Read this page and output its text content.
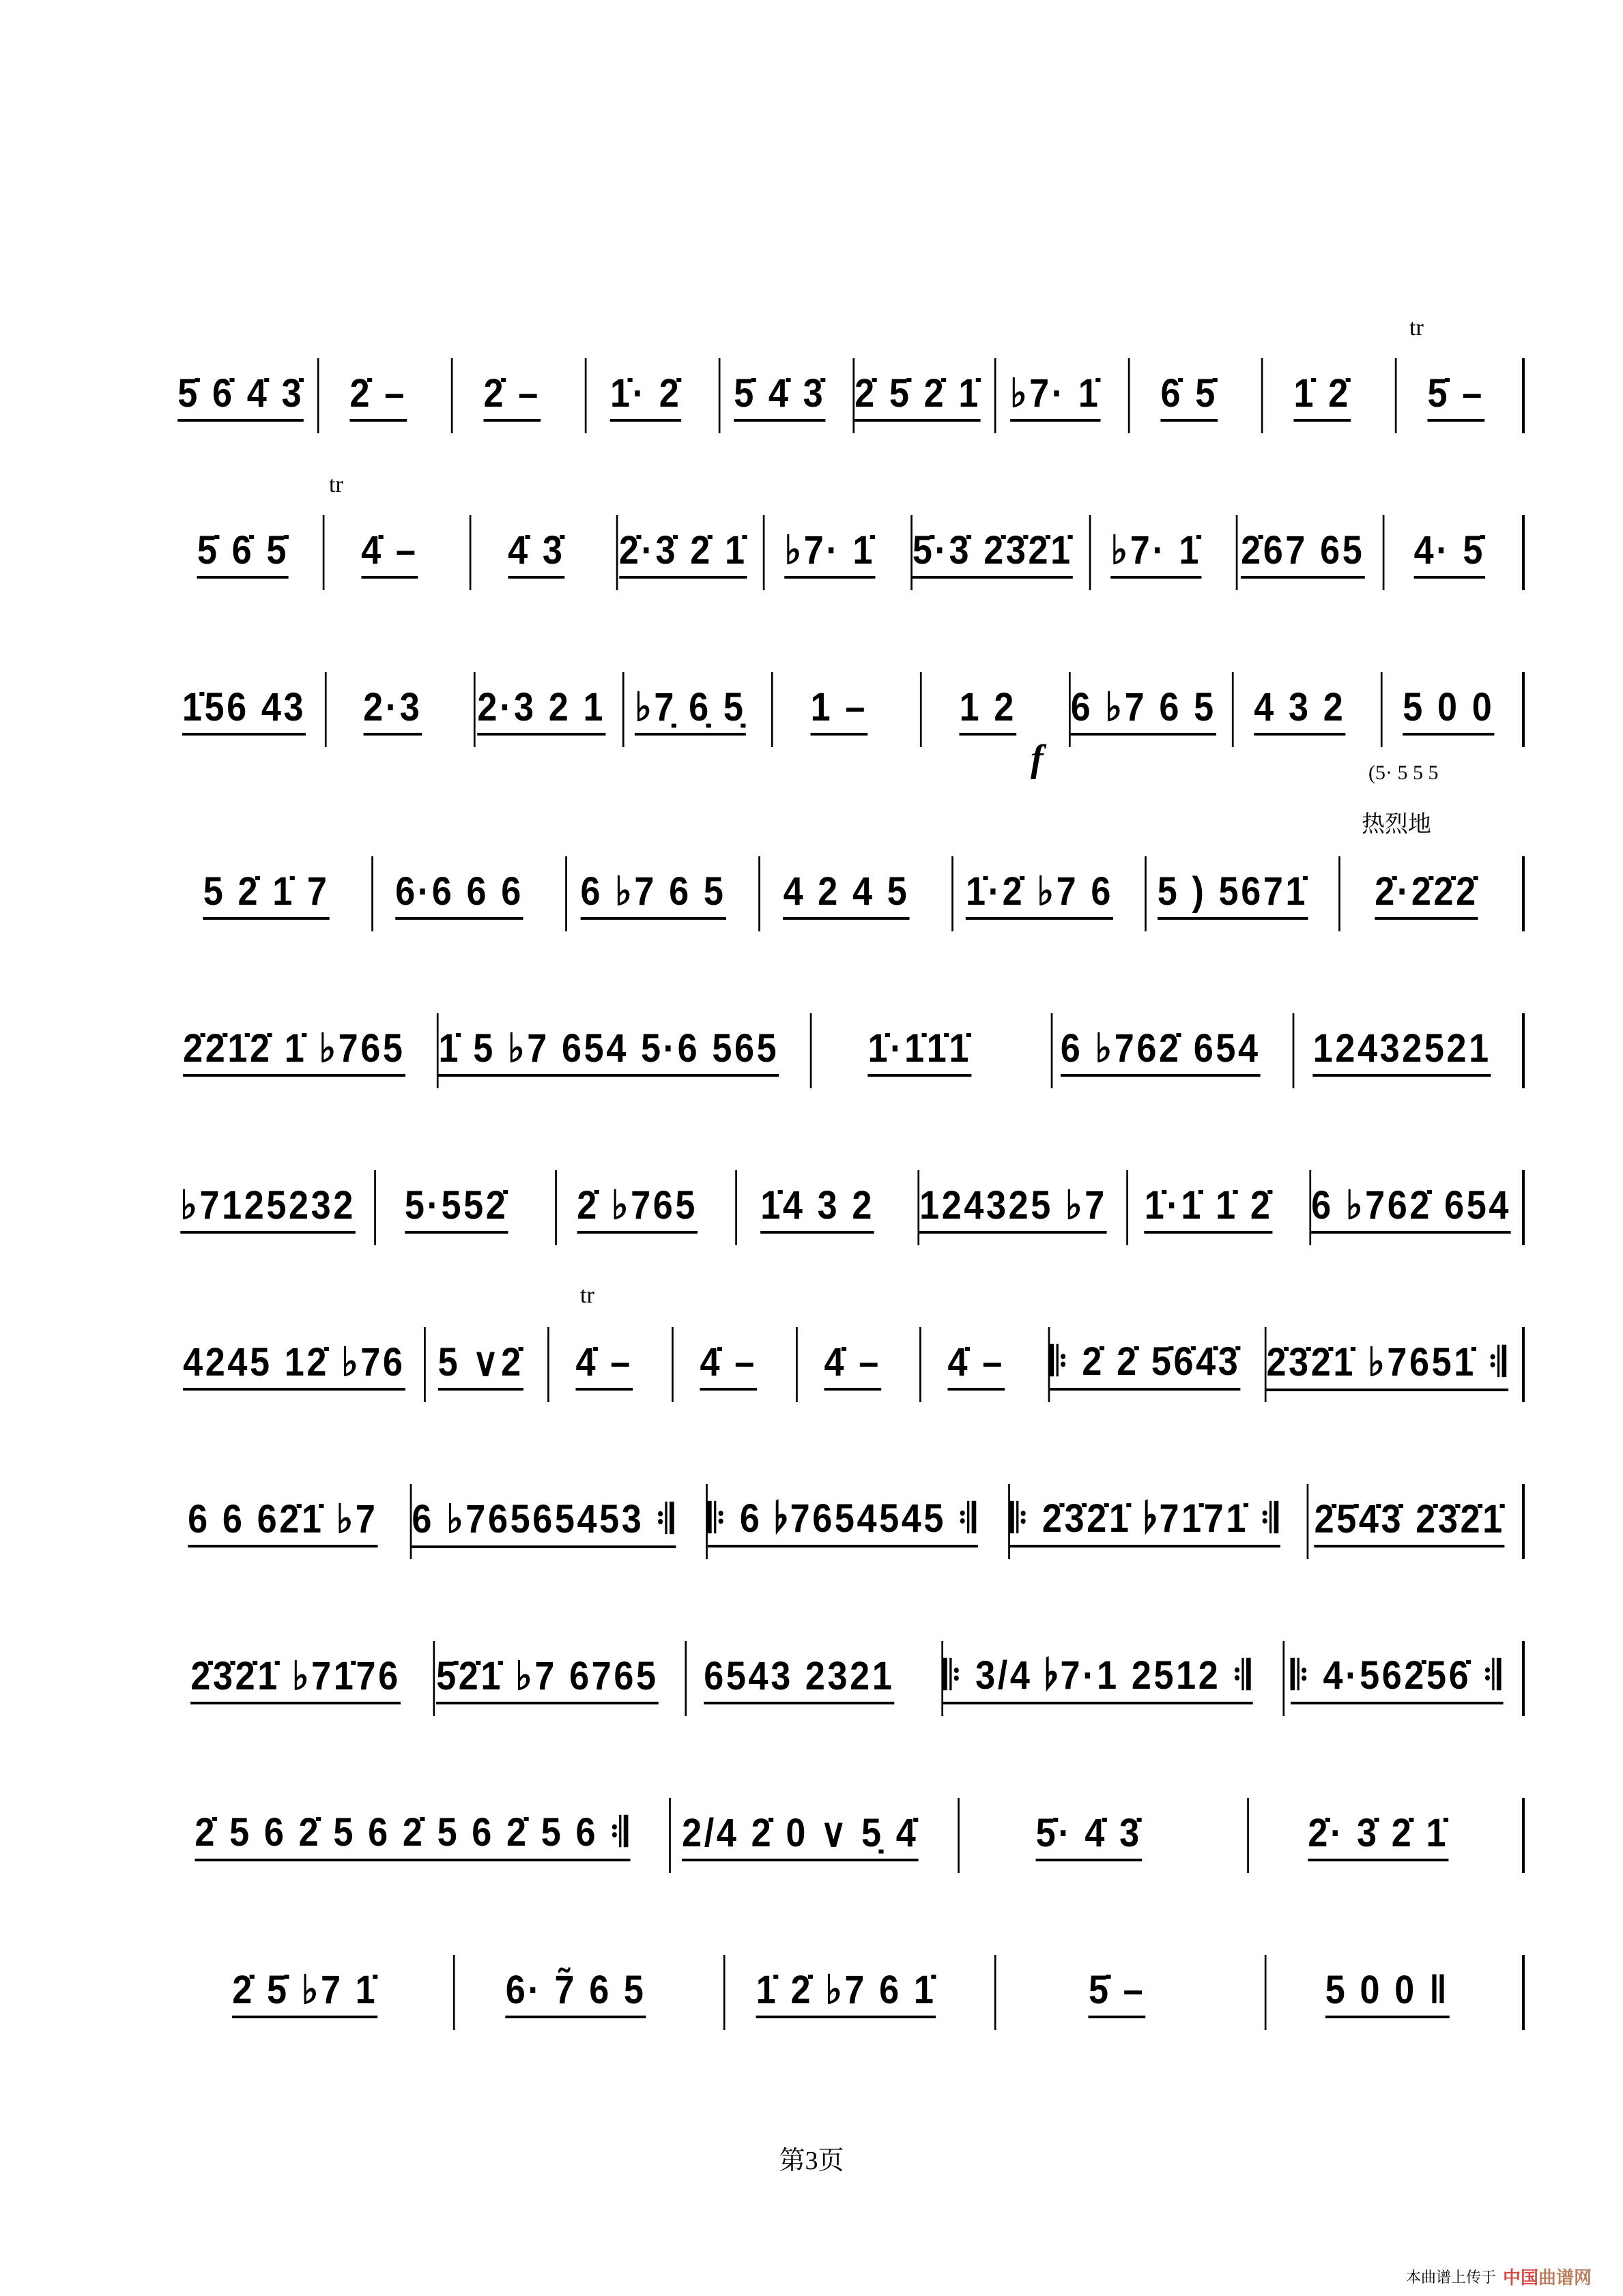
5̇ 6̇ 4̇ 3̇ 2̇ – 2̇ – 1̇· 2̇ 5̇ 4̇ 3̇ 2̇ 5̇ 2̇ 1̇ ♭7· 1̇ 6̇ 5̇ 1̇ 2̇ 5̇ –
5̇ 6̇ 5̇ 4̇ – 4̇ 3̇ 2̇·3̇ 2̇ 1̇ ♭7· 1̇ 5̇·3̇ 2̇3̇2̇1̇ ♭7· 1̇ 2̇67 65 4· 5̇
1̇56 43 2·3 2·3 2 1 ♭7̣ 6̣ 5̣ 1 – 1 2 6 ♭7 6 5 4 3 2 5 0 0
5 2̇ 1̇ 7 6·6 6 6 6 ♭7 6 5 4 2 4 5 1̇·2̇ ♭7 6 5 ) 5671̇ 2̇·2̇2̇2̇
2̇2̇1̇2̇ 1̇ ♭765 1̇ 5 ♭7 654 5·6 565 1̇·1̇1̇1̇ 6 ♭762̇ 654 12432521
♭7125232 5·552̇ 2̇ ♭765 1̇4 3 2 124325 ♭7 1̇·1̇ 1̇ 2̇ 6 ♭762̇ 654
4245 12̇ ♭76 5 ∨2̇ 4̇ – 4̇ – 4̇ – 4̇ – 𝄆 2̇ 2̇ 5̇6̇4̇3̇ 2̇3̇2̇1̇ ♭7651̇ 𝄇
6 6 62̇1̇ ♭7 6 ♭76565453 𝄇 𝄆 6 ♭7654545 𝄇 𝄆 2̇3̇2̇1̇ ♭71̇71̇ 𝄇 2̇5̇4̇3̇ 2̇3̇2̇1̇
2̇3̇2̇1̇ ♭71̇76 5̇2̇1̇ ♭7 6765 6543 2321 𝄆 3/4 ♭7·1 2512 𝄇 𝄆 4·562̇56̇ 𝄇
2̇ 5 6 2̇ 5 6 2̇ 5 6 2̇ 5 6 𝄇 2/4 2̇ 0 ∨ 5̣ 4̇	5̇· 4̇ 3̇	2̇· 3̇ 2̇ 1̇
2̇ 5̇ ♭7 1̇	6· 7̃ 6 5	1̇ 2̇ ♭7 6 1̇	5̇ –	5 0 0 ‖
tr
tr
tr
f	(5· 5 5 5
热烈地
第3页
本曲谱上传于 中国曲谱网
